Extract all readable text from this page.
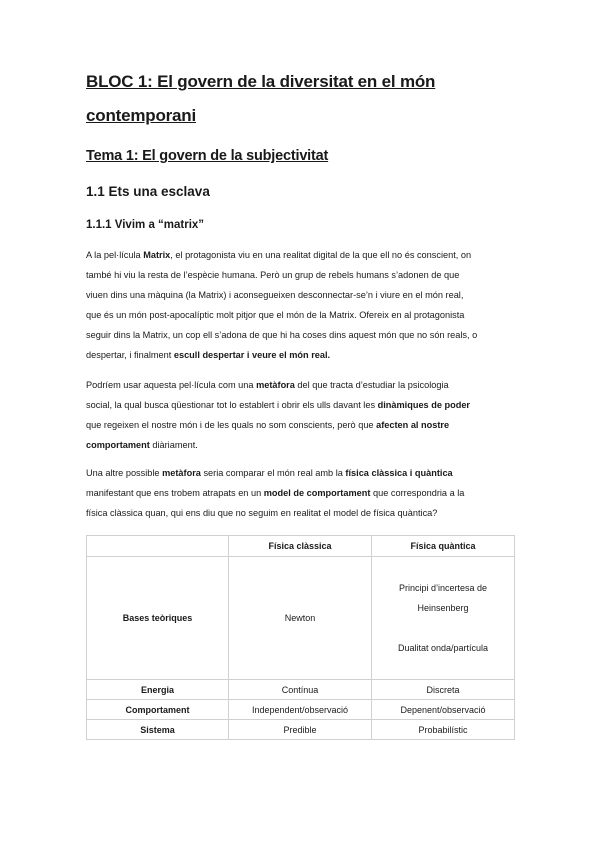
BLOC 1: El govern de la diversitat en el món
contemporani
Tema 1: El govern de la subjectivitat
1.1 Ets una esclava
1.1.1 Vivim a “matrix”
A la pel·lícula Matrix, el protagonista viu en una realitat digital de la que ell no és conscient, on
també hi viu la resta de l’espècie humana. Però un grup de rebels humans s’adonen de que
viuen dins una màquina (la Matrix) i aconsegueixen desconnectar-se’n i viure en el món real,
que és un món post-apocalíptic molt pitjor que el món de la Matrix. Ofereix en al protagonista
seguir dins la Matrix, un cop ell s’adona de que hi ha coses dins aquest món que no són reals, o
despertar, i finalment escull despertar i veure el món real.
Podríem usar aquesta pel·lícula com una metàfora del que tracta d’estudiar la psicologia
social, la qual busca qüestionar tot lo establert i obrir els ulls davant les dinàmiques de poder
que regeixen el nostre món i de les quals no som conscients, però que afecten al nostre
comportament diàriament.
Una altre possible metàfora seria comparar el món real amb la física clàssica i quàntica
manifestant que ens trobem atrapats en un model de comportament que correspondria a la
física clàssica quan, qui ens diu que no seguim en realitat el model de física quàntica?
	Física clàssica	Física quàntica
Bases teòriques	Newton	Principi d’incertesa de
Heinsenberg
Dualitat onda/partícula

Energia	Contínua	Discreta
Comportament	Independent/observació	Depenent/observació
Sistema	Predible	Probabilístic
